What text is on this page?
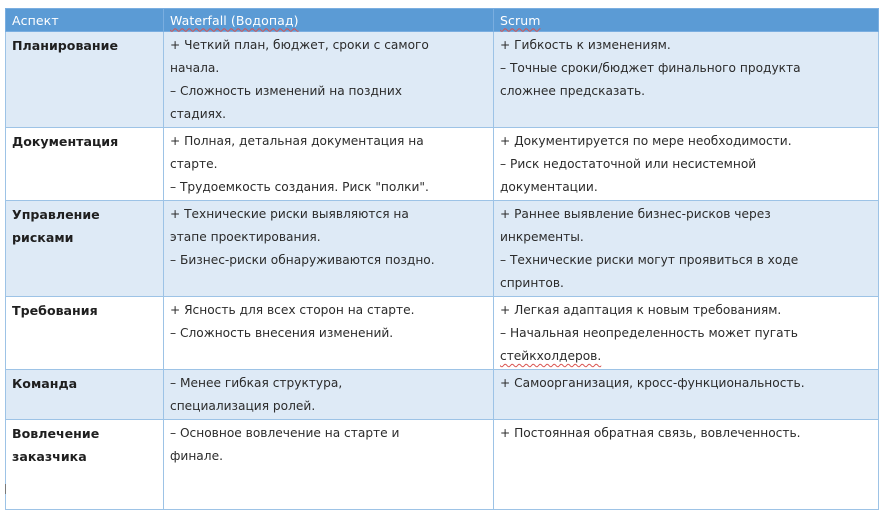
Аспект	Waterfall (Водопад)	Scrum

Планирование	+ Четкий план, бюджет, сроки с самого
начала.
– Сложность изменений на поздних
стадиях.	+ Гибкость к изменениям.
– Точные сроки/бюджет финального продукта
сложнее предсказать.

Документация	+ Полная, детальная документация на
старте.
– Трудоемкость создания. Риск "полки".	+ Документируется по мере необходимости.
– Риск недостаточной или несистемной
документации.

Управление
рисками	+ Технические риски выявляются на
этапе проектирования.
– Бизнес-риски обнаруживаются поздно.	+ Раннее выявление бизнес-рисков через
инкременты.
– Технические риски могут проявиться в ходе
спринтов.

Требования	+ Ясность для всех сторон на старте.
– Сложность внесения изменений.	+ Легкая адаптация к новым требованиям.
– Начальная неопределенность может пугать
стейкхолдеров.

Команда	– Менее гибкая структура,
специализация ролей.	+ Самоорганизация, кросс-функциональность.

Вовлечение
заказчика	– Основное вовлечение на старте и
финале.	+ Постоянная обратная связь, вовлеченность.
